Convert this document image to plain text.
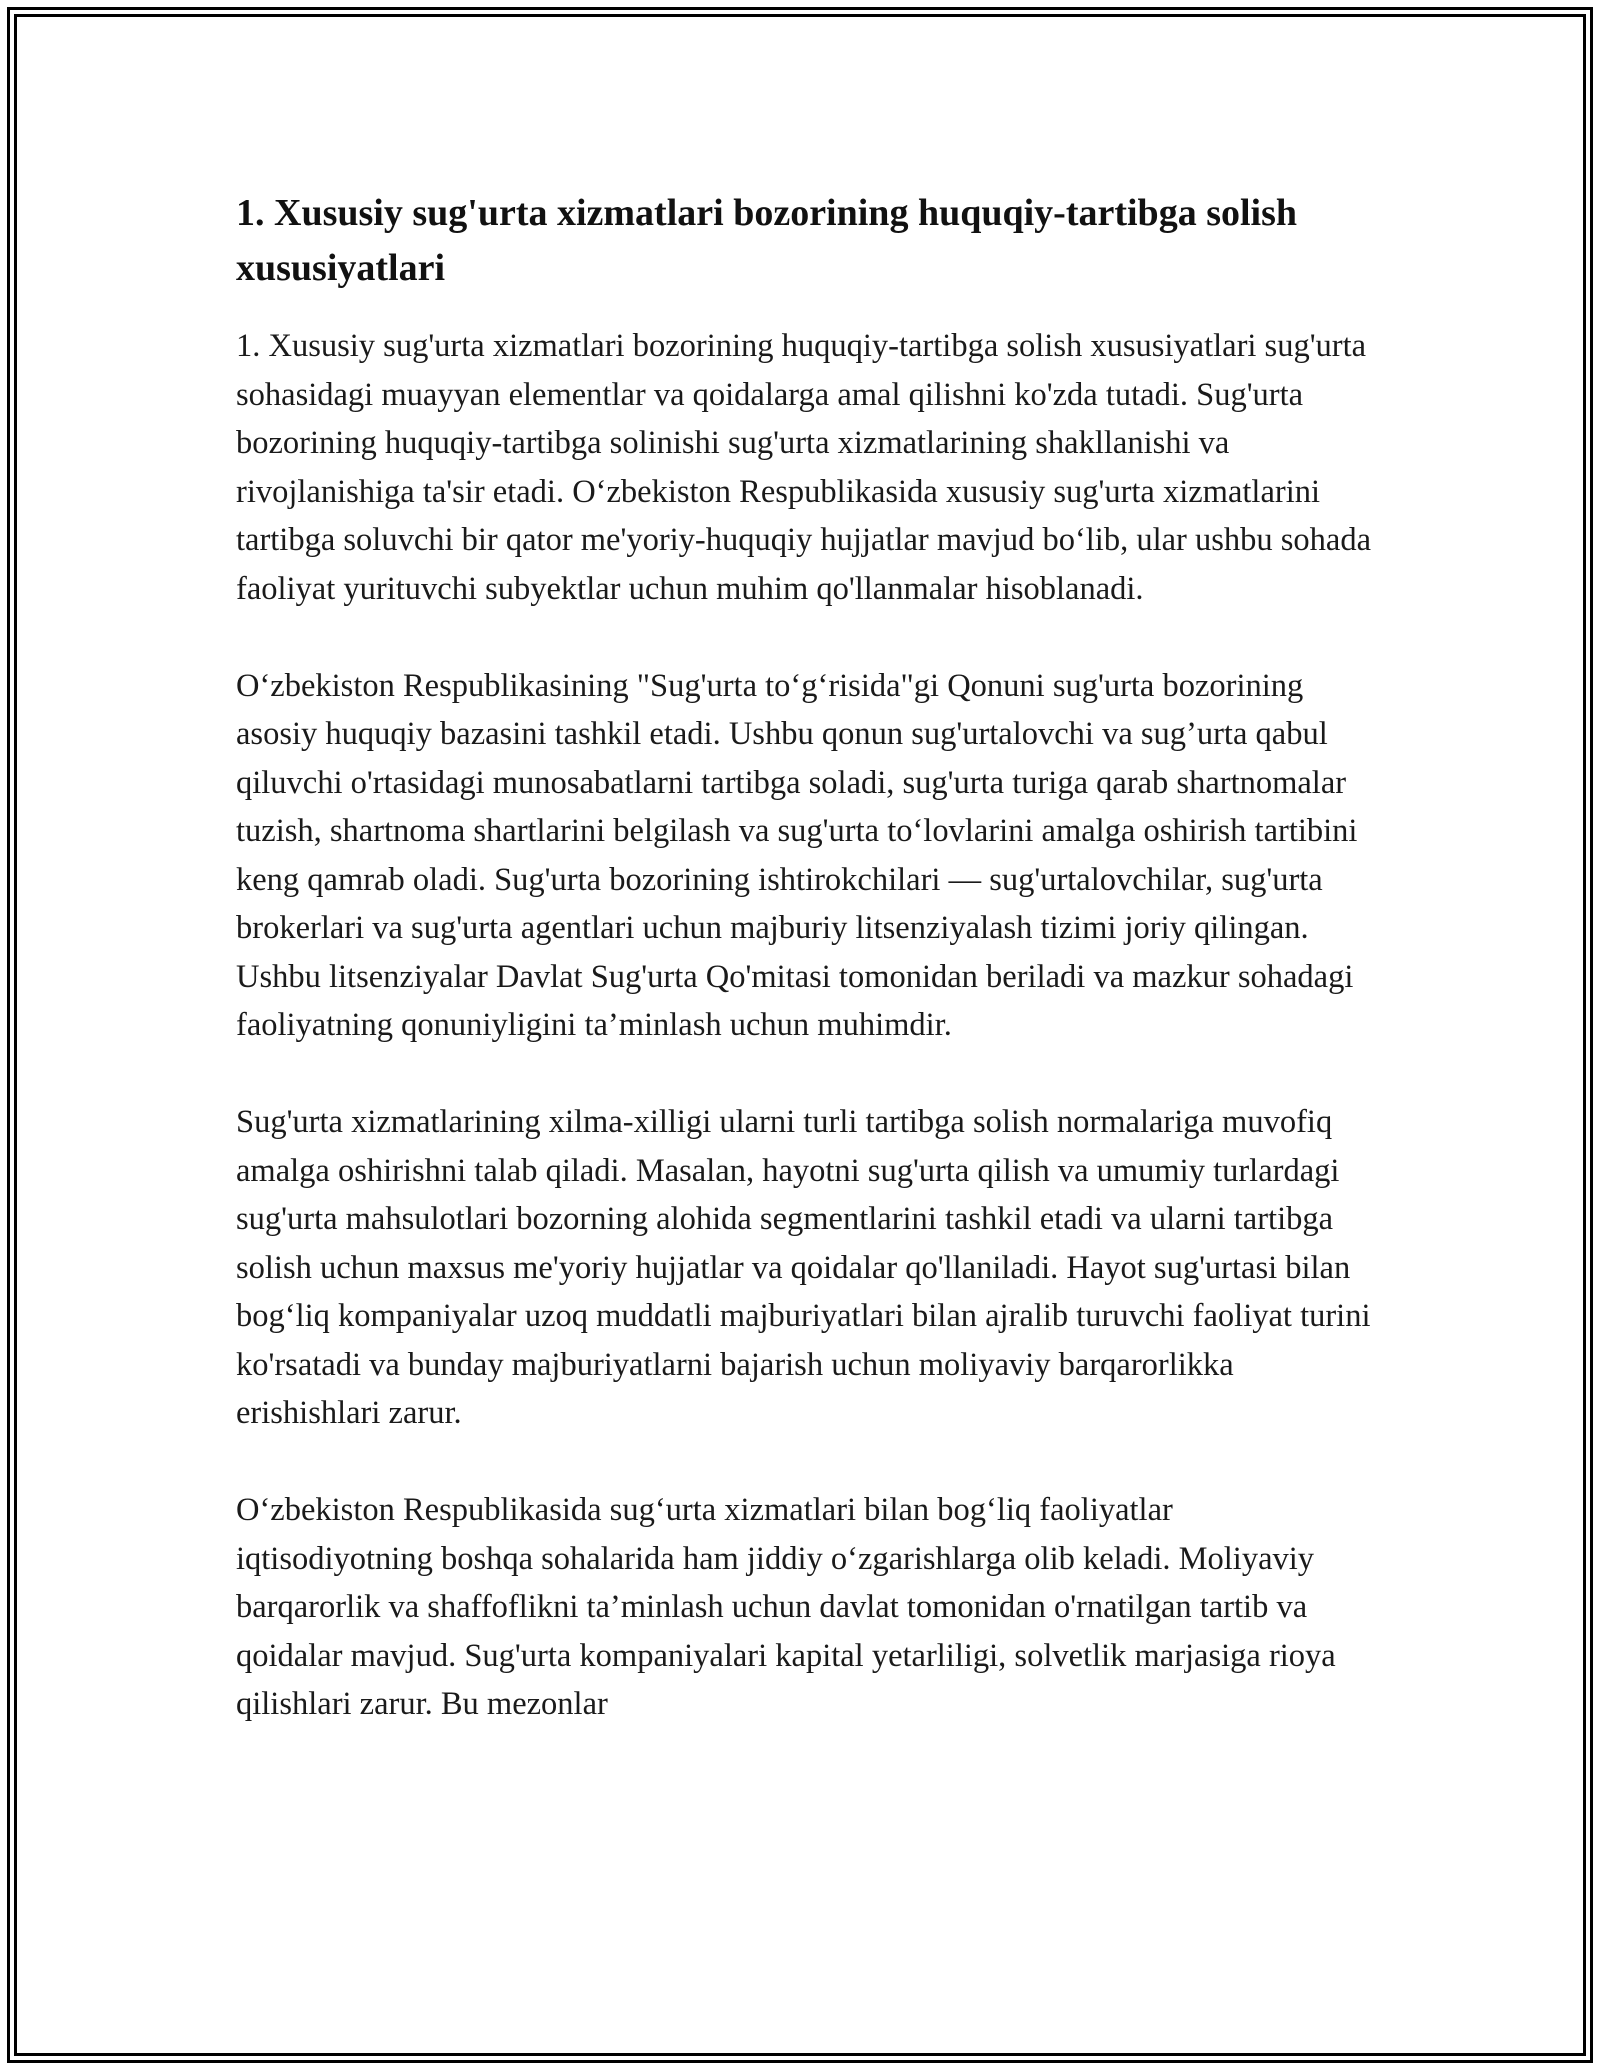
1. Xususiy sug'urta xizmatlari bozorining huquqiy-tartibga solish xususiyatlari

1. Xususiy sug'urta xizmatlari bozorining huquqiy-tartibga solish xususiyatlari sug'urta sohasidagi muayyan elementlar va qoidalarga amal qilishni ko'zda tutadi. Sug'urta bozorining huquqiy-tartibga solinishi sug'urta xizmatlarining shakllanishi va rivojlanishiga ta'sir etadi. O‘zbekiston Respublikasida xususiy sug'urta xizmatlarini tartibga soluvchi bir qator me'yoriy-huquqiy hujjatlar mavjud bo‘lib, ular ushbu sohada faoliyat yurituvchi subyektlar uchun muhim qo'llanmalar hisoblanadi.

O‘zbekiston Respublikasining "Sug'urta to‘g‘risida"gi Qonuni sug'urta bozorining asosiy huquqiy bazasini tashkil etadi. Ushbu qonun sug'urtalovchi va sug’urta qabul qiluvchi o'rtasidagi munosabatlarni tartibga soladi, sug'urta turiga qarab shartnomalar tuzish, shartnoma shartlarini belgilash va sug'urta to‘lovlarini amalga oshirish tartibini keng qamrab oladi. Sug'urta bozorining ishtirokchilari — sug'urtalovchilar, sug'urta brokerlari va sug'urta agentlari uchun majburiy litsenziyalash tizimi joriy qilingan. Ushbu litsenziyalar Davlat Sug'urta Qo'mitasi tomonidan beriladi va mazkur sohadagi faoliyatning qonuniyligini ta’minlash uchun muhimdir.

Sug'urta xizmatlarining xilma-xilligi ularni turli tartibga solish normalariga muvofiq amalga oshirishni talab qiladi. Masalan, hayotni sug'urta qilish va umumiy turlardagi sug'urta mahsulotlari bozorning alohida segmentlarini tashkil etadi va ularni tartibga solish uchun maxsus me'yoriy hujjatlar va qoidalar qo'llaniladi. Hayot sug'urtasi bilan bog‘liq kompaniyalar uzoq muddatli majburiyatlari bilan ajralib turuvchi faoliyat turini ko'rsatadi va bunday majburiyatlarni bajarish uchun moliyaviy barqarorlikka erishishlari zarur.

O‘zbekiston Respublikasida sug‘urta xizmatlari bilan bog‘liq faoliyatlar iqtisodiyotning boshqa sohalarida ham jiddiy o‘zgarishlarga olib keladi. Moliyaviy barqarorlik va shaffoflikni ta’minlash uchun davlat tomonidan o'rnatilgan tartib va qoidalar mavjud. Sug'urta kompaniyalari kapital yetarliligi, solvetlik marjasiga rioya qilishlari zarur. Bu mezonlar
